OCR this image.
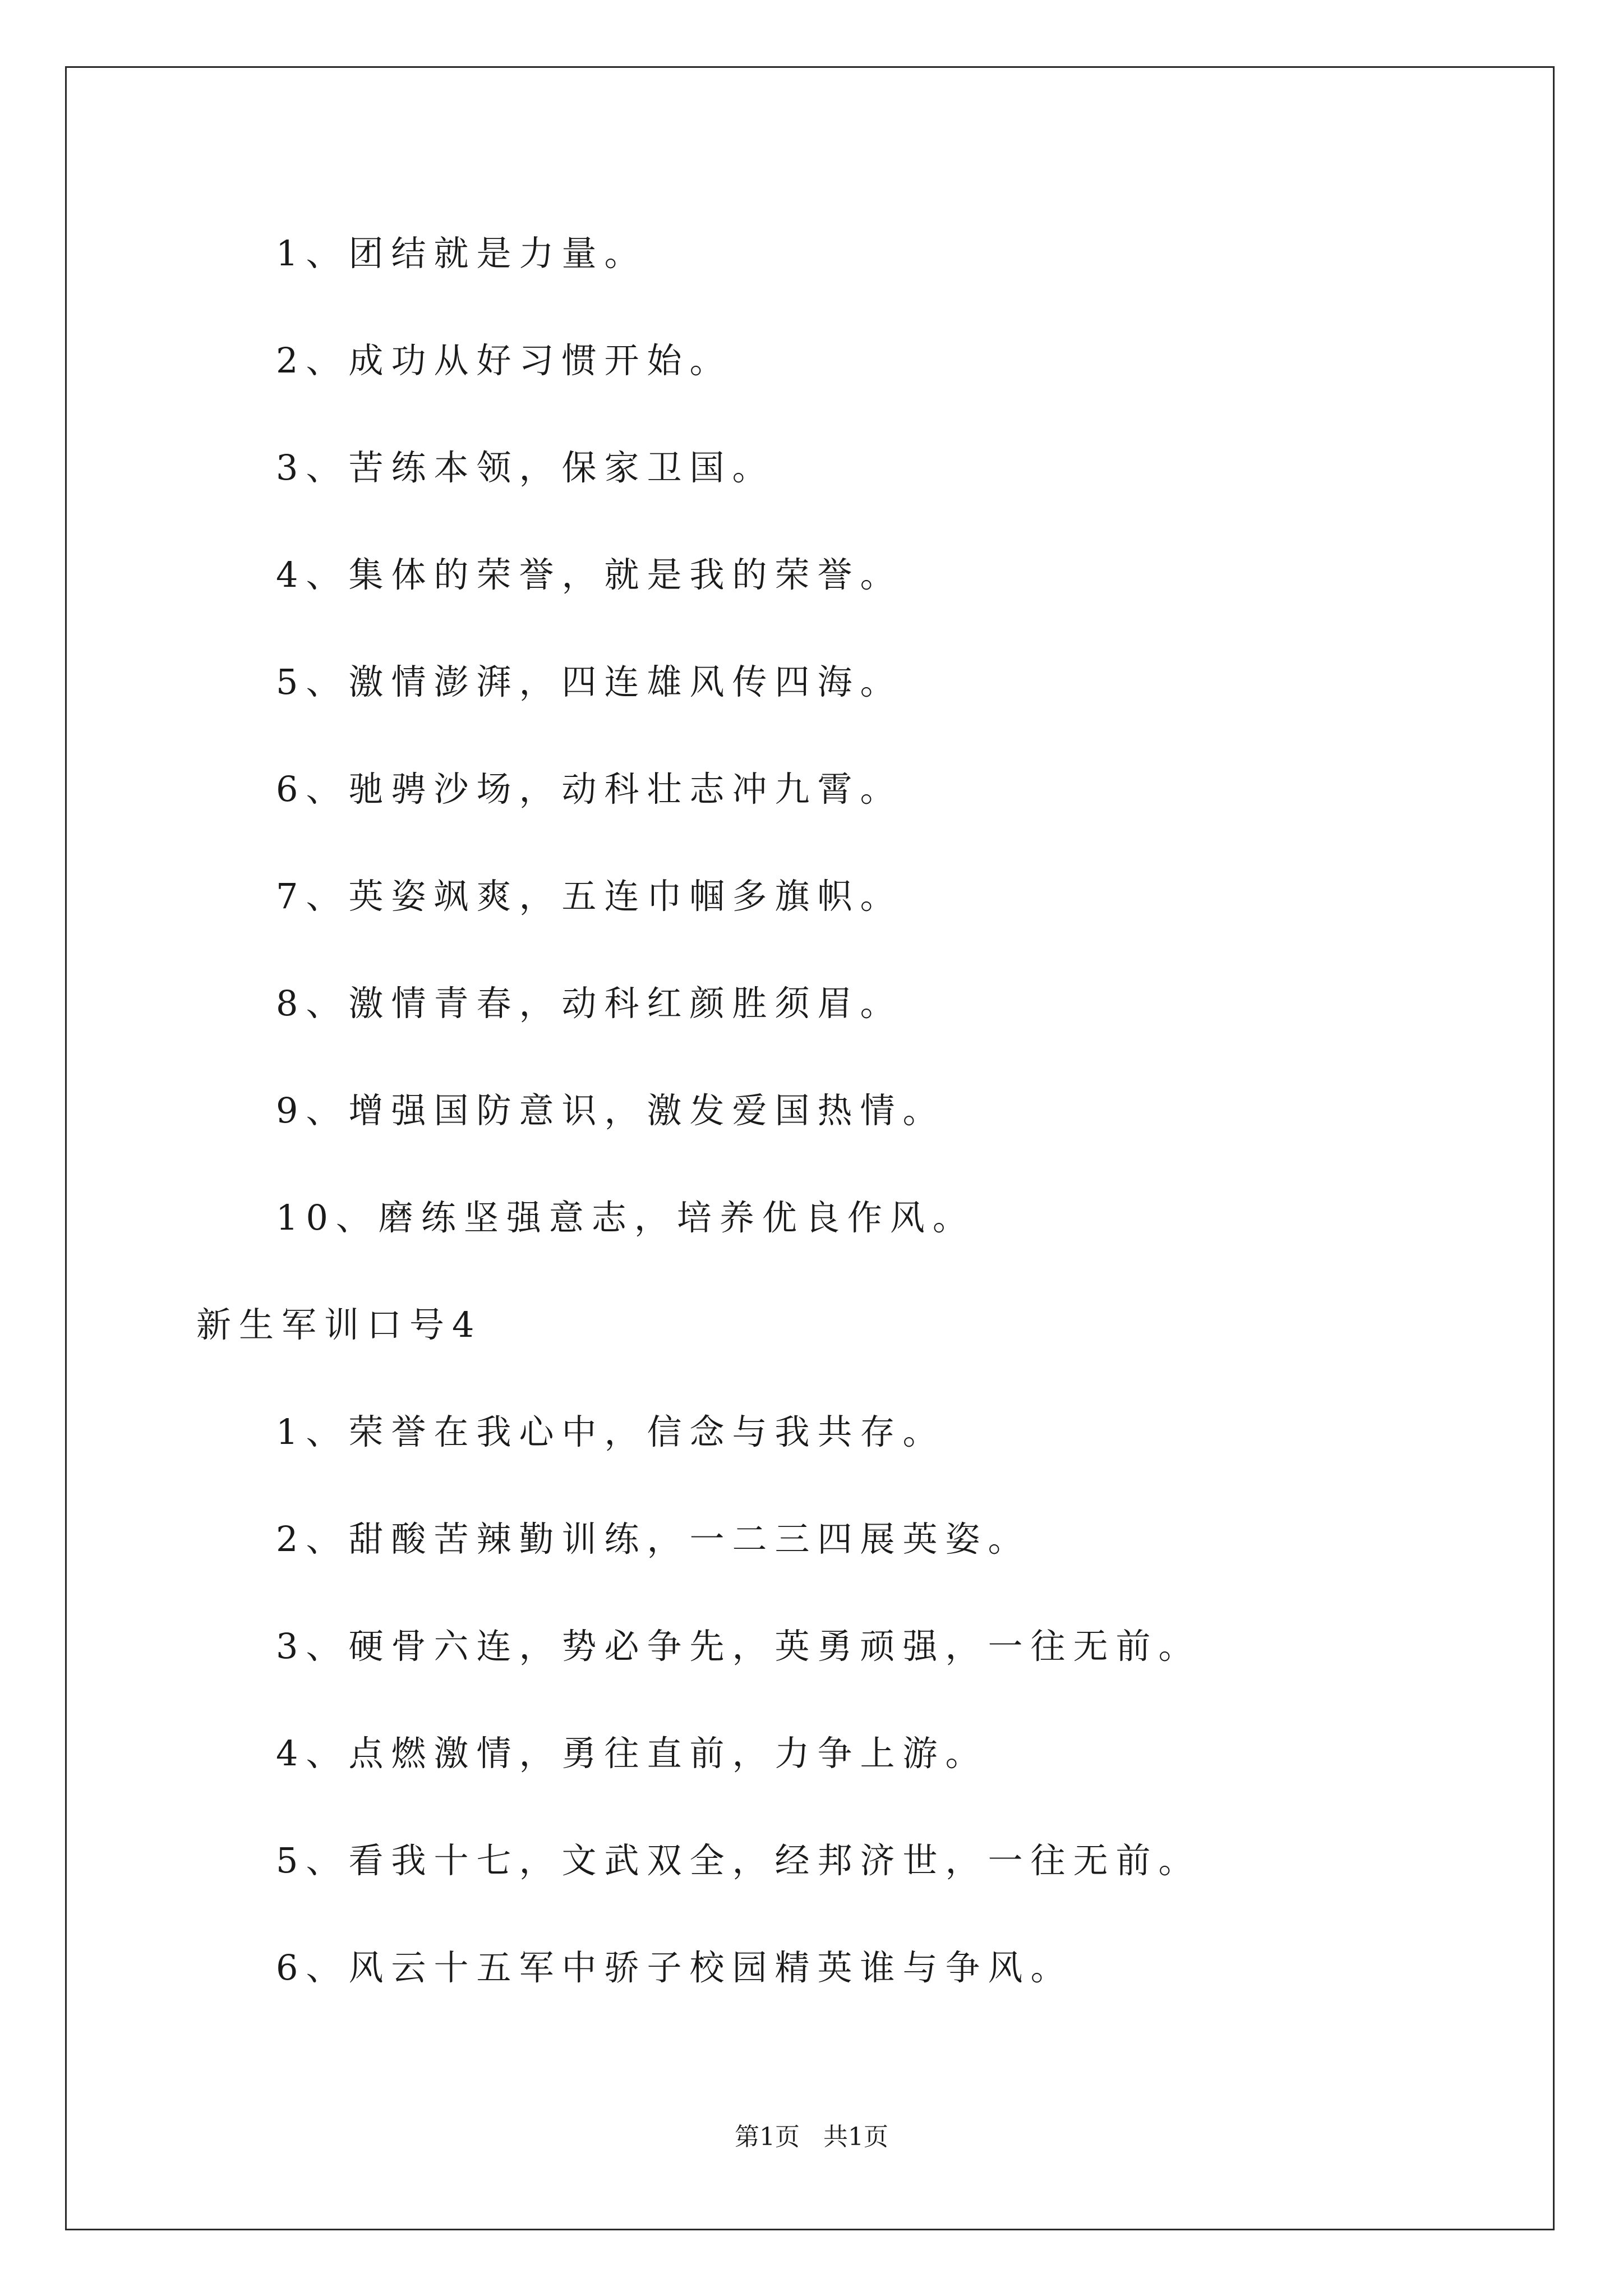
1、团结就是力量。
2、成功从好习惯开始。
3、苦练本领，保家卫国。
4、集体的荣誉，就是我的荣誉。
5、激情澎湃，四连雄风传四海。
6、驰骋沙场，动科壮志冲九霄。
7、英姿飒爽，五连巾帼多旗帜。
8、激情青春，动科红颜胜须眉。
9、增强国防意识，激发爱国热情。
10、磨练坚强意志，培养优良作风。
新生军训口号4
1、荣誉在我心中，信念与我共存。
2、甜酸苦辣勤训练，一二三四展英姿。
3、硬骨六连，势必争先，英勇顽强，一往无前。
4、点燃激情，勇往直前，力争上游。
5、看我十七，文武双全，经邦济世，一往无前。
6、风云十五军中骄子校园精英谁与争风。
第1页 共1页
